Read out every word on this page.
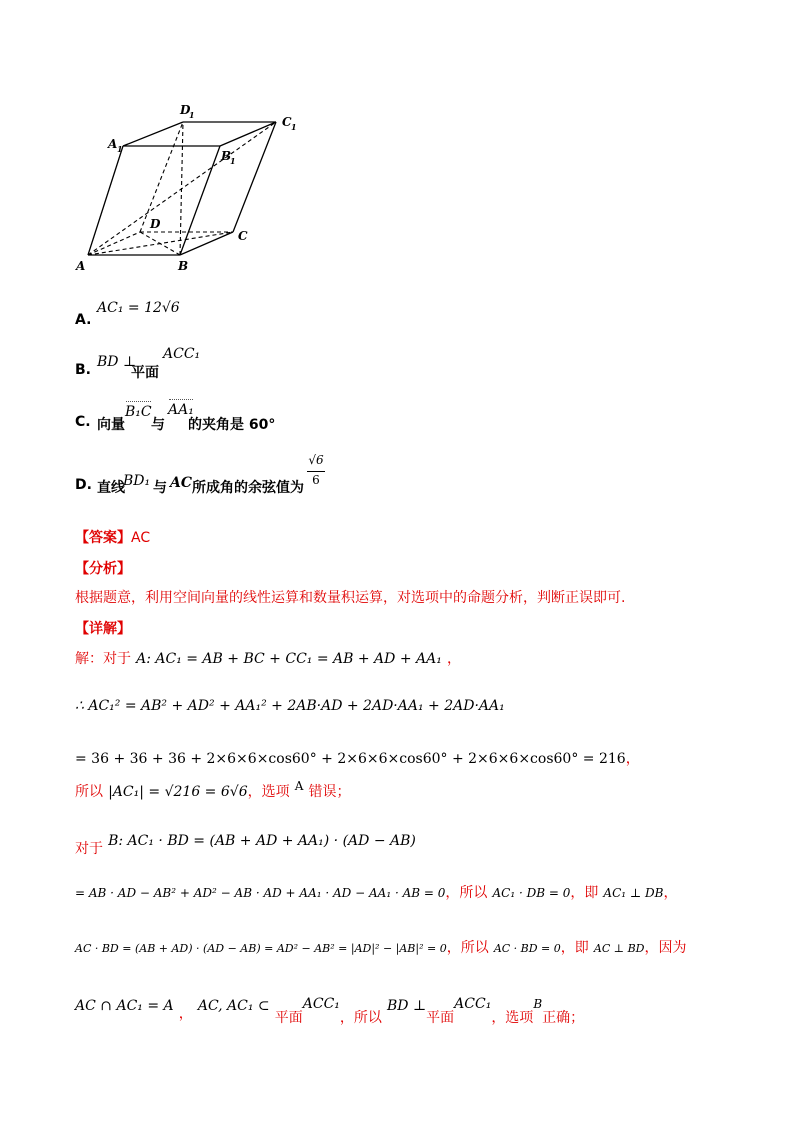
A	B
C
D
A 1	B
1
C 1
D
1
A.
AC₁ = 12√6
B. BD ⊥
平面
ACC₁
C. 向量
B₁C
与
AA₁
的夹角是 60°
D. 直线
BD₁ 与 AC 所成角的余弦值为
√6
6
【答案】AC
【分析】
根据题意，利用空间向量的线性运算和数量积运算，对选项中的命题分析，判断正误即可.
【详解】
解：对于 A: AC₁ = AB + BC + CC₁ = AB + AD + AA₁ ，
∴ AC₁² = AB² + AD² + AA₁² + 2AB·AD + 2AD·AA₁ + 2AD·AA₁
= 36 + 36 + 36 + 2×6×6×cos60° + 2×6×6×cos60° + 2×6×6×cos60° = 216，
所以 |AC₁| = √216 = 6√6，选项 $^A$ 错误；
对于 B: AC₁ · BD = (AB + AD + AA₁) · (AD − AB)
= AB · AD − AB² + AD² − AB · AD + AA₁ · AD − AA₁ · AB = 0，所以 AC₁ · DB = 0，即 AC₁ ⊥ DB，
AC · BD = (AB + AD) · (AD − AB) = AD² − AB² = |AD|² − |AB|² = 0，所以 AC · BD = 0，即 AC ⊥ BD，因为
AC ∩ AC₁ = A ， AC, AC₁ ⊂ 平面ACC₁，所以 BD ⊥平面ACC₁，选项B正确；
